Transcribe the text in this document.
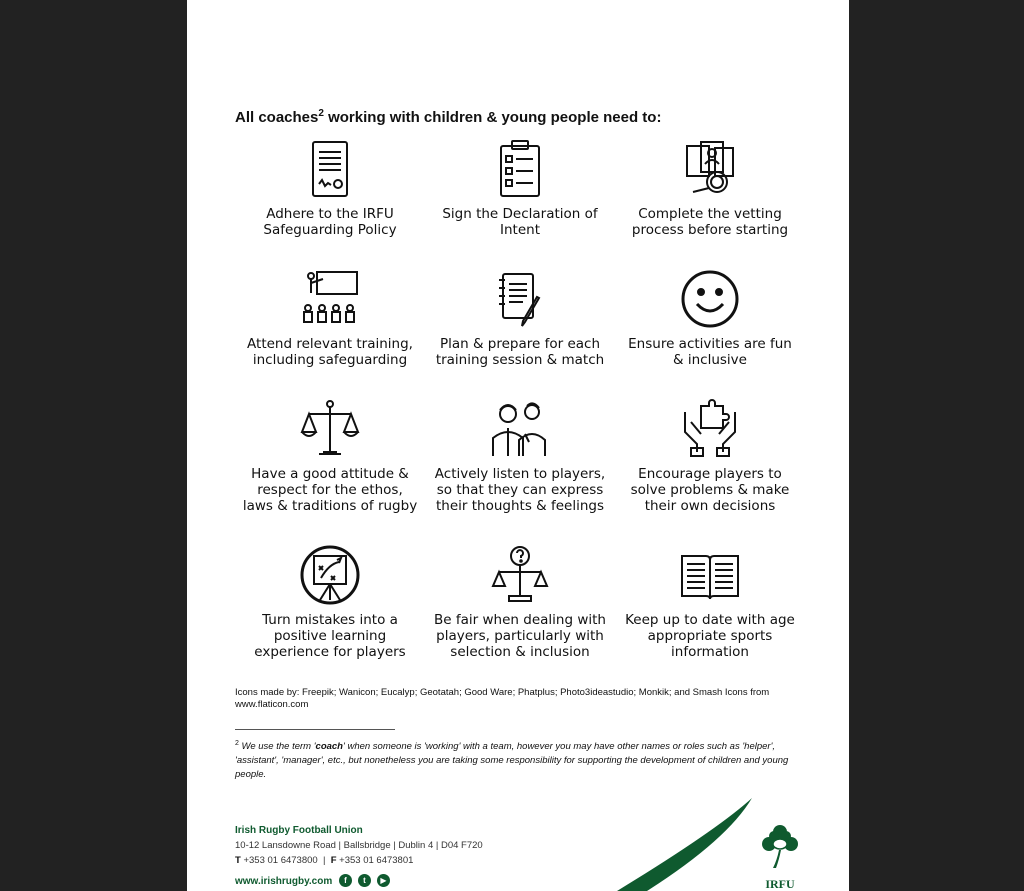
All coaches$^2$ working with children & young people need to:
Adhere to the IRFU
Safeguarding Policy
Sign the Declaration of
Intent
Complete the vetting
process before starting
Attend relevant training,
including safeguarding
Plan & prepare for each
training session & match
Ensure activities are fun
& inclusive
Have a good attitude &
respect for the ethos,
laws & traditions of rugby
Actively listen to players,
so that they can express
their thoughts & feelings
Encourage players to
solve problems & make
their own decisions
Turn mistakes into a
positive learning
experience for players
Be fair when dealing with
players, particularly with
selection & inclusion
Keep up to date with age
appropriate sports
information
Icons made by: Freepik; Wanicon; Eucalyp; Geotatah; Good Ware; Phatplus; Photo3ideastudio; Monkik; and Smash Icons from www.flaticon.com
$^2$ We use the term 'coach' when someone is 'working' with a team, however you may have other names or roles such as 'helper', 'assistant', 'manager', etc., but nonetheless you are taking some responsibility for supporting the development of children and young people.
Irish Rugby Football Union
10-12 Lansdowne Road | Ballsbridge | Dublin 4 | D04 F720
T +353 01 6473800  |  F +353 01 6473801
www.irishrugby.com	f	t	▶	IRFU
